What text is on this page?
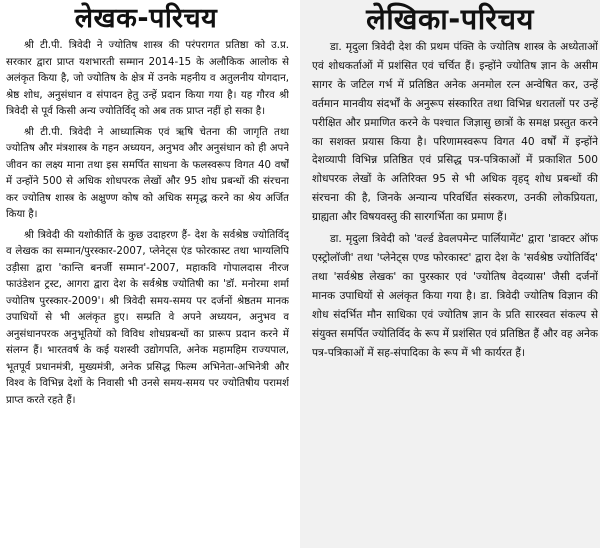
लेखक-परिचय

श्री टी.पी. त्रिवेदी ने ज्योतिष शास्त्र की परंपरागत प्रतिष्ठा को उ.प्र. सरकार द्वारा प्राप्त यशभारती सम्मान 2014-15 के अलौकिक आलोक से अलंकृत किया है, जो ज्योतिष के क्षेत्र में उनके महनीय व अतुलनीय योगदान, श्रेष्ठ शोध, अनुसंधान व संपादन हेतु उन्हें प्रदान किया गया है। यह गौरव श्री त्रिवेदी से पूर्व किसी अन्य ज्योतिर्विद् को अब तक प्राप्त नहीं हो सका है।

श्री टी.पी. त्रिवेदी ने आध्यात्मिक एवं ऋषि चेतना की जागृति तथा ज्योतिष और मंत्रशास्त्र के गहन अध्ययन, अनुभव और अनुसंधान को ही अपने जीवन का लक्ष्य माना तथा इस समर्पित साधना के फलस्वरूप विगत 40 वर्षों में उन्होंने 500 से अधिक शोधपरक लेखों और 95 शोध प्रबन्धों की संरचना कर ज्योतिष शास्त्र के अक्षुण्ण कोष को अधिक समृद्ध करने का श्रेय अर्जित किया है।

श्री त्रिवेदी की यशोकीर्ति के कुछ उदाहरण हैं- देश के सर्वश्रेष्ठ ज्योतिर्विद् व लेखक का सम्मान/पुरस्कार-2007, प्लेनेट्स एंड फोरकास्ट तथा भाग्यलिपि उड़ीसा द्वारा 'कान्ति बनर्जी सम्मान'-2007, महाकवि गोपालदास नीरज फाउंडेशन ट्रस्ट, आगरा द्वारा देश के सर्वश्रेष्ठ ज्योतिषी का 'डॉ. मनोरमा शर्मा ज्योतिष पुरस्कार-2009'। श्री त्रिवेदी समय-समय पर दर्जनों श्रेष्ठतम मानक उपाधियों से भी अलंकृत हुए। सम्प्रति वे अपने अध्ययन, अनुभव व अनुसंधानपरक अनुभूतियों को विविध शोधप्रबन्धों का प्रारूप प्रदान करने में संलग्न हैं। भारतवर्ष के कई यशस्वी उद्योगपति, अनेक महामहिम राज्यपाल, भूतपूर्व प्रधानमंत्री, मुख्यमंत्री, अनेक प्रसिद्ध फिल्म अभिनेता-अभिनेत्री और विश्व के विभिन्न देशों के निवासी भी उनसे समय-समय पर ज्योतिषीय परामर्श प्राप्त करते रहते हैं।

लेखिका-परिचय

डा. मृदुला त्रिवेदी देश की प्रथम पंक्ति के ज्योतिष शास्त्र के अध्येताओं एवं शोधकर्ताओं में प्रशंसित एवं चर्चित हैं। इन्होंने ज्योतिष ज्ञान के असीम सागर के जटिल गर्भ में प्रतिष्ठित अनेक अनमोल रत्न अन्वेषित कर, उन्हें वर्तमान मानवीय संदर्भों के अनुरूप संस्कारित तथा विभिन्न धरातलों पर उन्हें परीक्षित और प्रमाणित करने के पश्चात जिज्ञासु छात्रों के समक्ष प्रस्तुत करने का सशक्त प्रयास किया है। परिणामस्वरूप विगत 40 वर्षों में इन्होंने देशव्यापी विभिन्न प्रतिष्ठित एवं प्रसिद्ध पत्र-पत्रिकाओं में प्रकाशित 500 शोधपरक लेखों के अतिरिक्त 95 से भी अधिक वृहद् शोध प्रबन्धों की संरचना की है, जिनके अन्यान्य परिवर्धित संस्करण, उनकी लोकप्रियता, ग्राह्यता और विषयवस्तु की सारगर्भिता का प्रमाण हैं।

डा. मृदुला त्रिवेदी को 'वर्ल्ड डेवलपमेन्ट पार्लियामेंट' द्वारा 'डाक्टर ऑफ एस्ट्रोलॉजी' तथा 'प्लेनेट्स एण्ड फोरकास्ट' द्वारा देश के 'सर्वश्रेष्ठ ज्योतिर्विद' तथा 'सर्वश्रेष्ठ लेखक' का पुरस्कार एवं 'ज्योतिष वेदव्यास' जैसी दर्जनों मानक उपाधियों से अलंकृत किया गया है। डा. त्रिवेदी ज्योतिष विज्ञान की शोध संदर्भित मौन साधिका एवं ज्योतिष ज्ञान के प्रति सारस्वत संकल्प से संयुक्त समर्पित ज्योतिर्विद के रूप में प्रशंसित एवं प्रतिष्ठित हैं और वह अनेक पत्र-पत्रिकाओं में सह-संपादिका के रूप में भी कार्यरत हैं।
